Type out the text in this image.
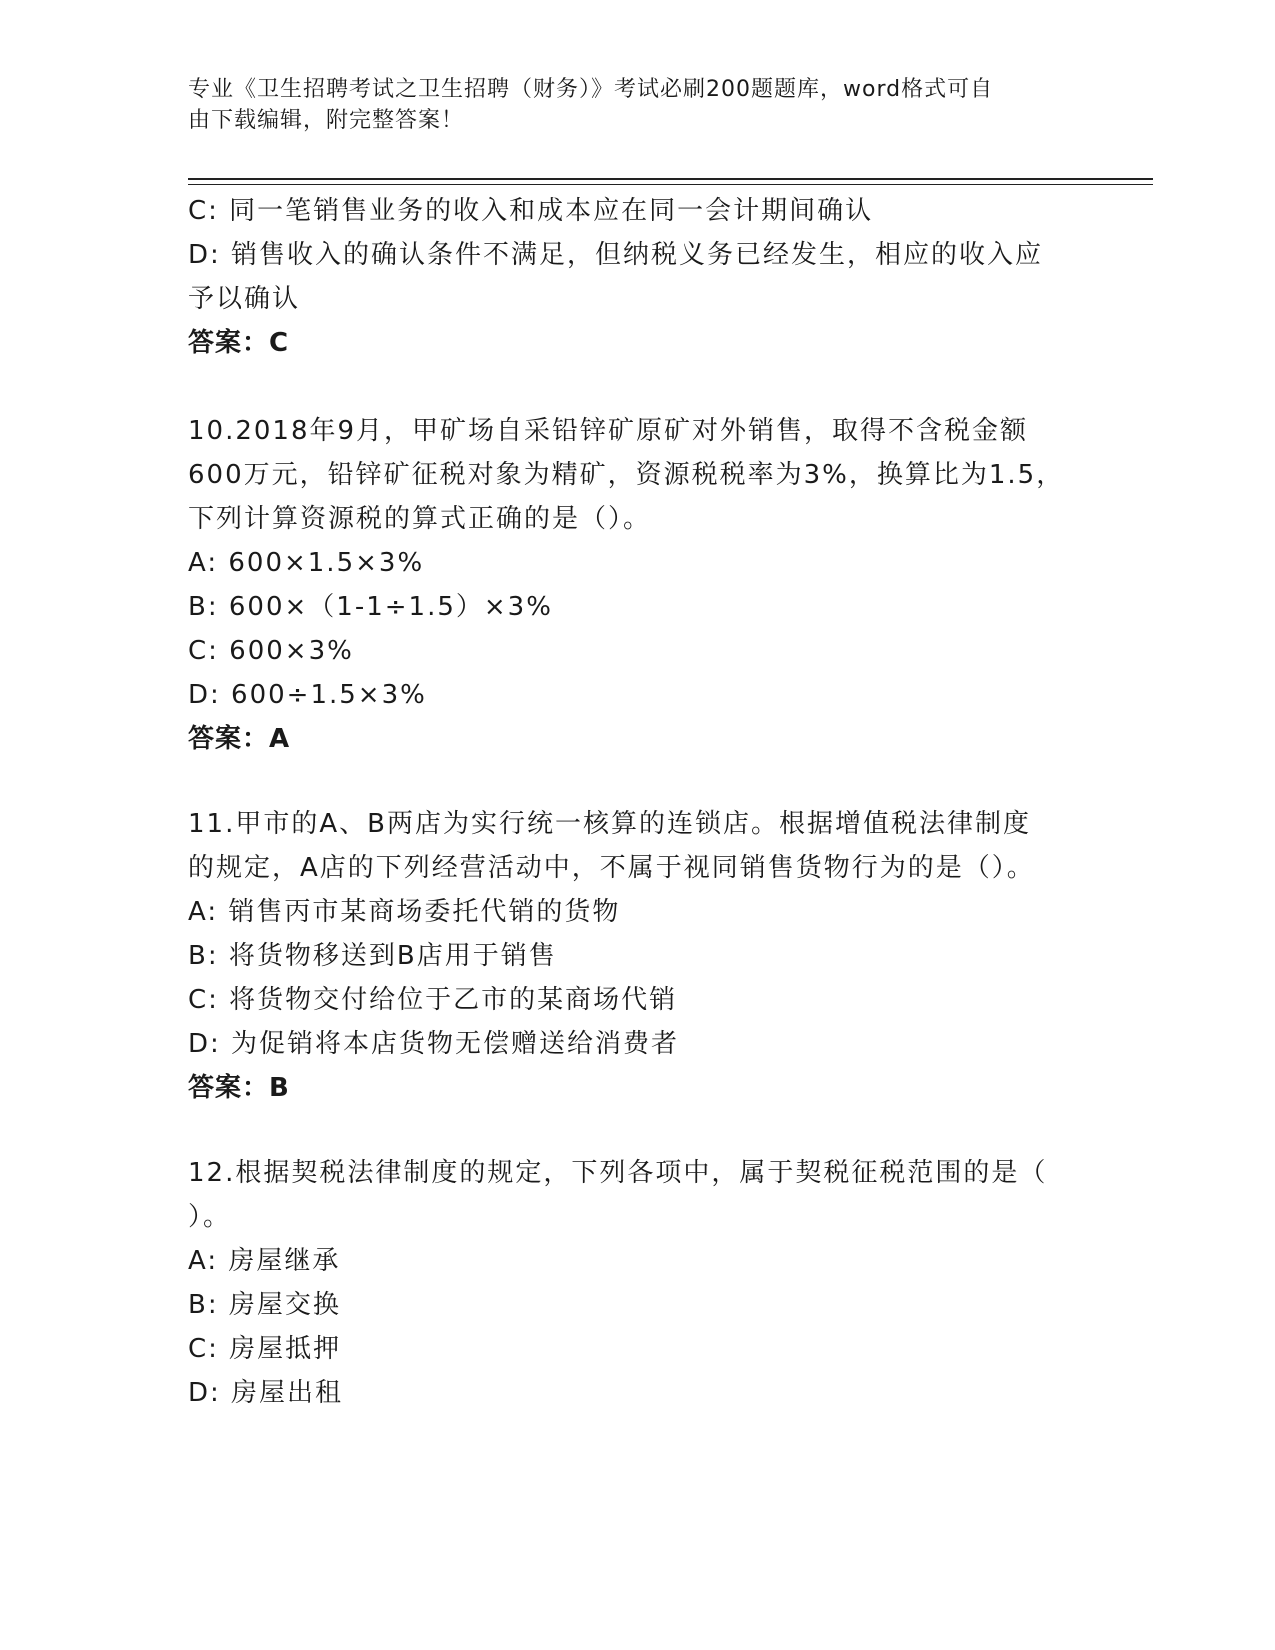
专业《卫生招聘考试之卫生招聘（财务）》考试必刷200题题库，word格式可自
由下载编辑，附完整答案！
C: 同一笔销售业务的收入和成本应在同一会计期间确认
D: 销售收入的确认条件不满足，但纳税义务已经发生，相应的收入应
予以确认
答案：C
10.2018年9月，甲矿场自采铅锌矿原矿对外销售，取得不含税金额
600万元，铅锌矿征税对象为精矿，资源税税率为3%，换算比为1.5，
下列计算资源税的算式正确的是（）。
A: 600×1.5×3%
B: 600×（1-1÷1.5）×3%
C: 600×3%
D: 600÷1.5×3%
答案：A
11.甲市的A、B两店为实行统一核算的连锁店。根据增值税法律制度
的规定，A店的下列经营活动中，不属于视同销售货物行为的是（）。
A: 销售丙市某商场委托代销的货物
B: 将货物移送到B店用于销售
C: 将货物交付给位于乙市的某商场代销
D: 为促销将本店货物无偿赠送给消费者
答案：B
12.根据契税法律制度的规定，下列各项中，属于契税征税范围的是（
）。
A: 房屋继承
B: 房屋交换
C: 房屋抵押
D: 房屋出租
